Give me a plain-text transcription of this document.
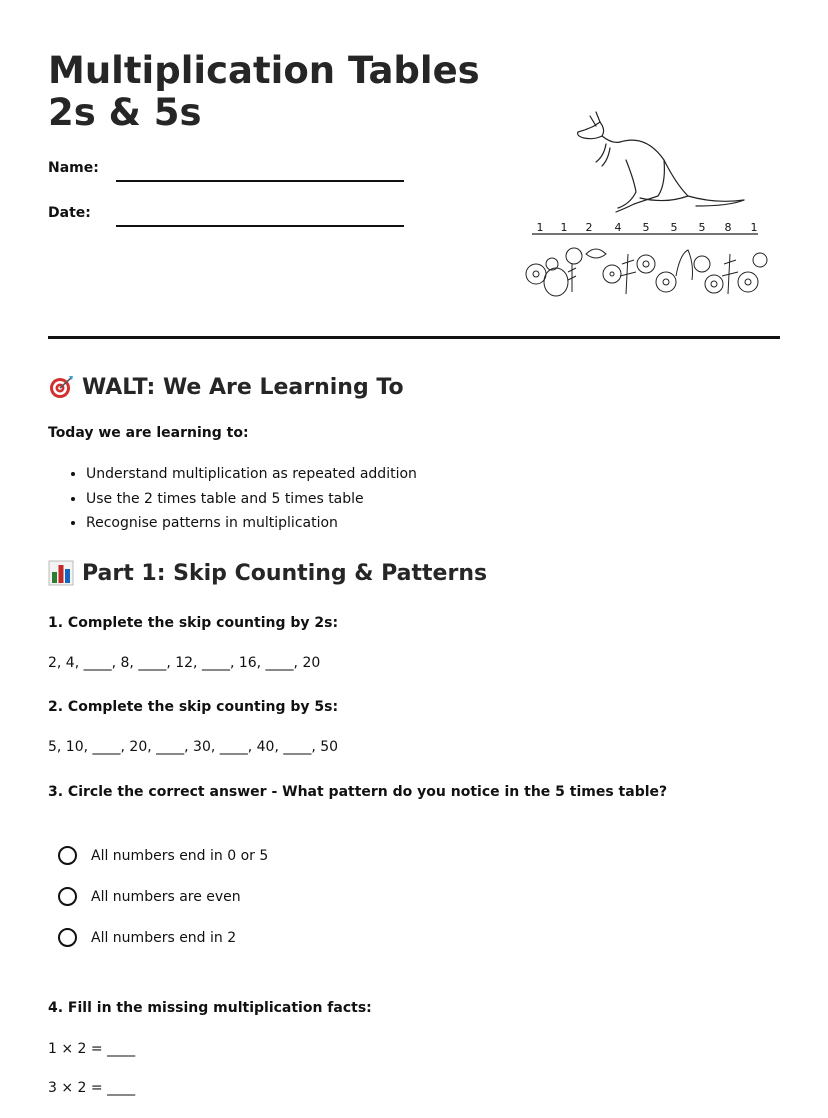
Multiplication Tables 2s & 5s
Name:
Date:
1 1 2 4 5 5 5 8 1
WALT: We Are Learning To
Today we are learning to:
• Understand multiplication as repeated addition
• Use the 2 times table and 5 times table
• Recognise patterns in multiplication
Part 1: Skip Counting & Patterns
1. Complete the skip counting by 2s:
2, 4, ____, 8, ____, 12, ____, 16, ____, 20
2. Complete the skip counting by 5s:
5, 10, ____, 20, ____, 30, ____, 40, ____, 50
3. Circle the correct answer - What pattern do you notice in the 5 times table?
All numbers end in 0 or 5
All numbers are even
All numbers end in 2
4. Fill in the missing multiplication facts:
1 × 2 = ____
3 × 2 = ____
